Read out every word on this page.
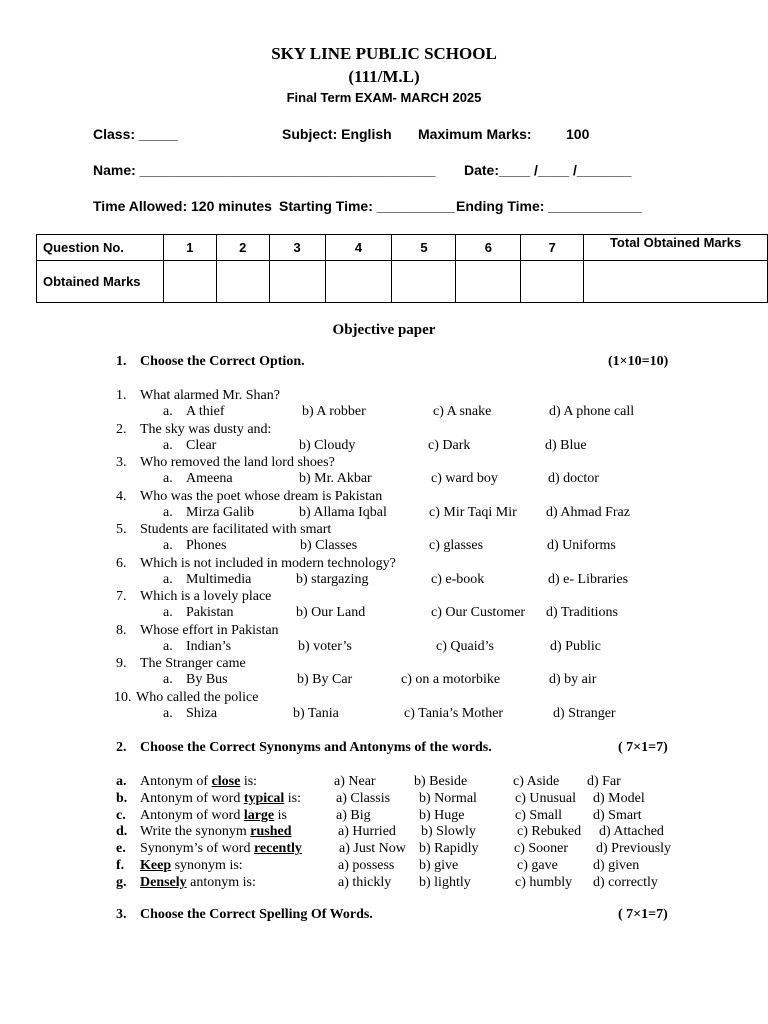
SKY LINE PUBLIC SCHOOL
(111/M.L)
Final Term EXAM- MARCH 2025
Class: _____	Subject: English Maximum Marks: 100
Name: ______________________________________ Date:____ /____ /_______
Time Allowed: 120 minutes Starting Time: __________ Ending Time: ____________
Question No.	1	2	3	4	5	6	7	Total Obtained Marks
Obtained Marks								
Objective paper
1. Choose the Correct Option.	(1×10=10)
1. What alarmed Mr. Shan?
a. A thief	b) A robber	c) A snake	d) A phone call
2. The sky was dusty and:
a. Clear	b) Cloudy	c) Dark	d) Blue
3. Who removed the land lord shoes?
a. Ameena	b) Mr. Akbar	c) ward boy	d) doctor
4. Who was the poet whose dream is Pakistan
a. Mirza Galib	b) Allama Iqbal	c) Mir Taqi Mir d) Ahmad Fraz
5. Students are facilitated with smart
a. Phones	b) Classes	c) glasses	d) Uniforms
6. Which is not included in modern technology?
a. Multimedia	b) stargazing	c) e-book	d) e- Libraries
7. Which is a lovely place
a. Pakistan	b) Our Land	c) Our Customer d) Traditions
8. Whose effort in Pakistan
a. Indian’s	b) voter’s	c) Quaid’s	d) Public
9. The Stranger came
a. By Bus	b) By Car	c) on a motorbike	d) by air
10. Who called the police
a. Shiza	b) Tania	c) Tania’s Mother	d) Stranger
2. Choose the Correct Synonyms and Antonyms of the words.	( 7×1=7)
a. Antonym of close is:	a) Near	b) Beside	c) Aside d) Far
b. Antonym of word typical is: a) Classis b) Normal	c) Unusual d) Model
c. Antonym of word large is	a) Big	b) Huge	c) Small d) Smart
d. Write the synonym rushed	a) Hurried b) Slowly	c) Rebuked d) Attached
e. Synonym’s of word recently	a) Just Now b) Rapidly	c) Sooner d) Previously
f. Keep synonym is:	a) possess b) give	c) gave	d) given
g. Densely antonym is:	a) thickly b) lightly	c) humbly d) correctly
3. Choose the Correct Spelling Of Words.	( 7×1=7)
